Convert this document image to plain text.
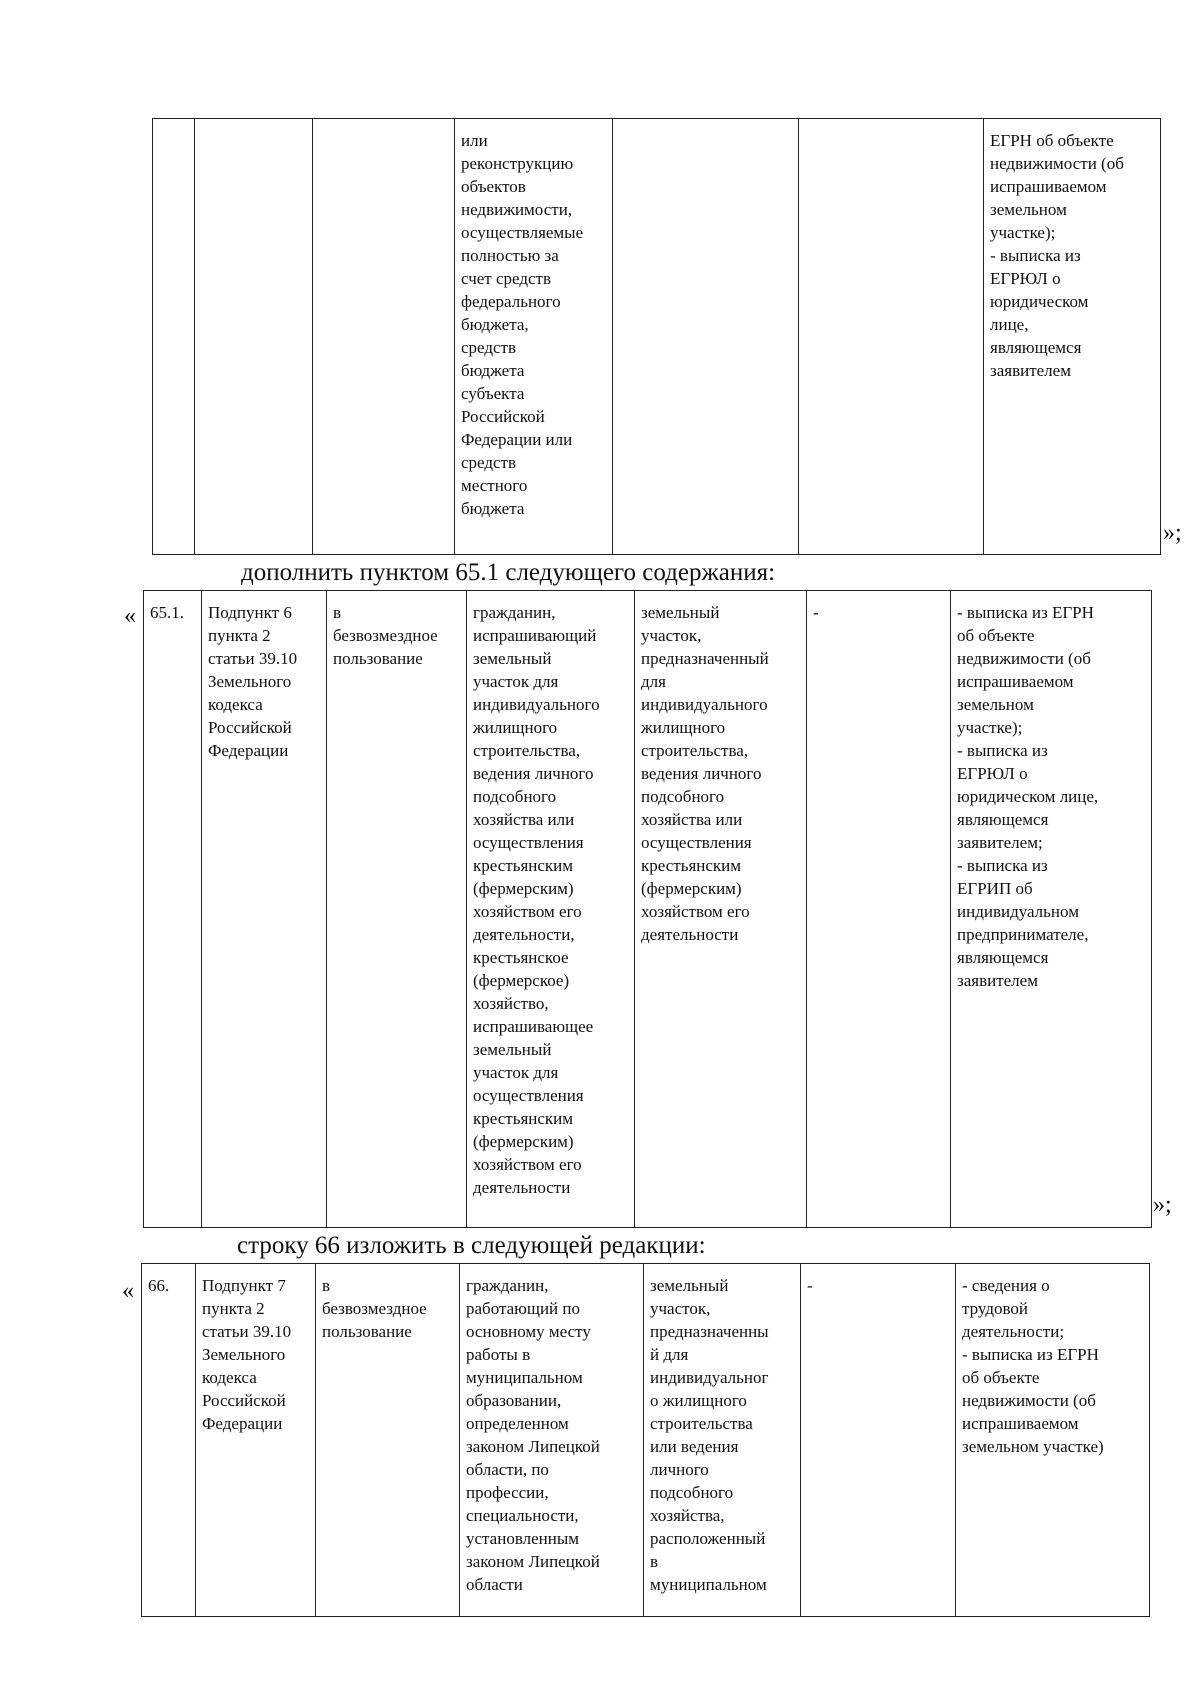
			или
реконструкцию
объектов
недвижимости,
осуществляемые
полностью за
счет средств
федерального
бюджета,
средств
бюджета
субъекта
Российской
Федерации или
средств
местного
бюджета			ЕГРН об объекте
недвижимости (об
испрашиваемом
земельном
участке);
- выписка из
ЕГРЮЛ о
юридическом
лице,
являющемся
заявителем
»;
дополнить пунктом 65.1 следующего содержания:
« 65.1.	Подпункт 6
пункта 2
статьи 39.10
Земельного
кодекса
Российской
Федерации	в
безвозмездное
пользование	гражданин,
испрашивающий
земельный
участок для
индивидуального
жилищного
строительства,
ведения личного
подсобного
хозяйства или
осуществления
крестьянским
(фермерским)
хозяйством его
деятельности,
крестьянское
(фермерское)
хозяйство,
испрашивающее
земельный
участок для
осуществления
крестьянским
(фермерским)
хозяйством его
деятельности	земельный
участок,
предназначенный
для
индивидуального
жилищного
строительства,
ведения личного
подсобного
хозяйства или
осуществления
крестьянским
(фермерским)
хозяйством его
деятельности	-	- выписка из ЕГРН
об объекте
недвижимости (об
испрашиваемом
земельном
участке);
- выписка из
ЕГРЮЛ о
юридическом лице,
являющемся
заявителем;
- выписка из
ЕГРИП об
индивидуальном
предпринимателе,
являющемся
заявителем
»;
строку 66 изложить в следующей редакции:
« 66.	Подпункт 7
пункта 2
статьи 39.10
Земельного
кодекса
Российской
Федерации	в
безвозмездное
пользование	гражданин,
работающий по
основному месту
работы в
муниципальном
образовании,
определенном
законом Липецкой
области, по
профессии,
специальности,
установленным
законом Липецкой
области	земельный
участок,
предназначенны
й для
индивидуальног
о жилищного
строительства
или ведения
личного
подсобного
хозяйства,
расположенный
в
муниципальном	-	- сведения о
трудовой
деятельности;
- выписка из ЕГРН
об объекте
недвижимости (об
испрашиваемом
земельном участке)
